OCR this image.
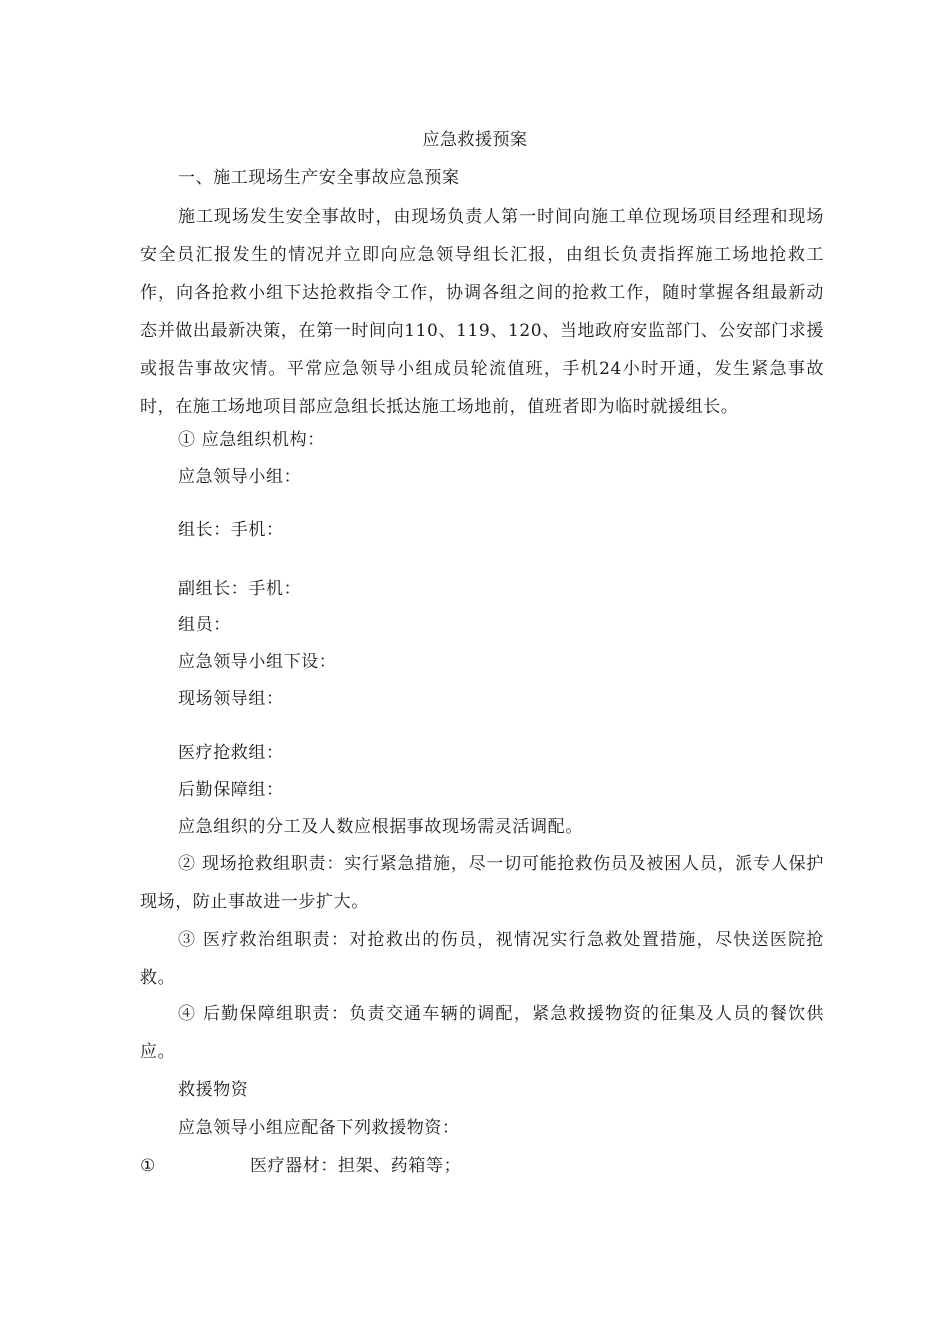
应急救援预案
一、施工现场生产安全事故应急预案
施工现场发生安全事故时，由现场负责人第一时间向施工单位现场项目经理和现场安全员汇报发生的情况并立即向应急领导组长汇报，由组长负责指挥施工场地抢救工作，向各抢救小组下达抢救指令工作，协调各组之间的抢救工作，随时掌握各组最新动态并做出最新决策，在第一时间向110、119、120、当地政府安监部门、公安部门求援或报告事故灾情。平常应急领导小组成员轮流值班，手机24小时开通，发生紧急事故时，在施工场地项目部应急组长抵达施工场地前，值班者即为临时就援组长。
① 应急组织机构：
应急领导小组：
组长：手机：
副组长：手机：
组员：
应急领导小组下设：
现场领导组：
医疗抢救组：
后勤保障组：
应急组织的分工及人数应根据事故现场需灵活调配。
② 现场抢救组职责：实行紧急措施，尽一切可能抢救伤员及被困人员，派专人保护现场，防止事故进一步扩大。
③ 医疗救治组职责：对抢救出的伤员，视情况实行急救处置措施，尽快送医院抢救。
④ 后勤保障组职责：负责交通车辆的调配，紧急救援物资的征集及人员的餐饮供应。
救援物资
应急领导小组应配备下列救援物资：
①	医疗器材：担架、药箱等；
